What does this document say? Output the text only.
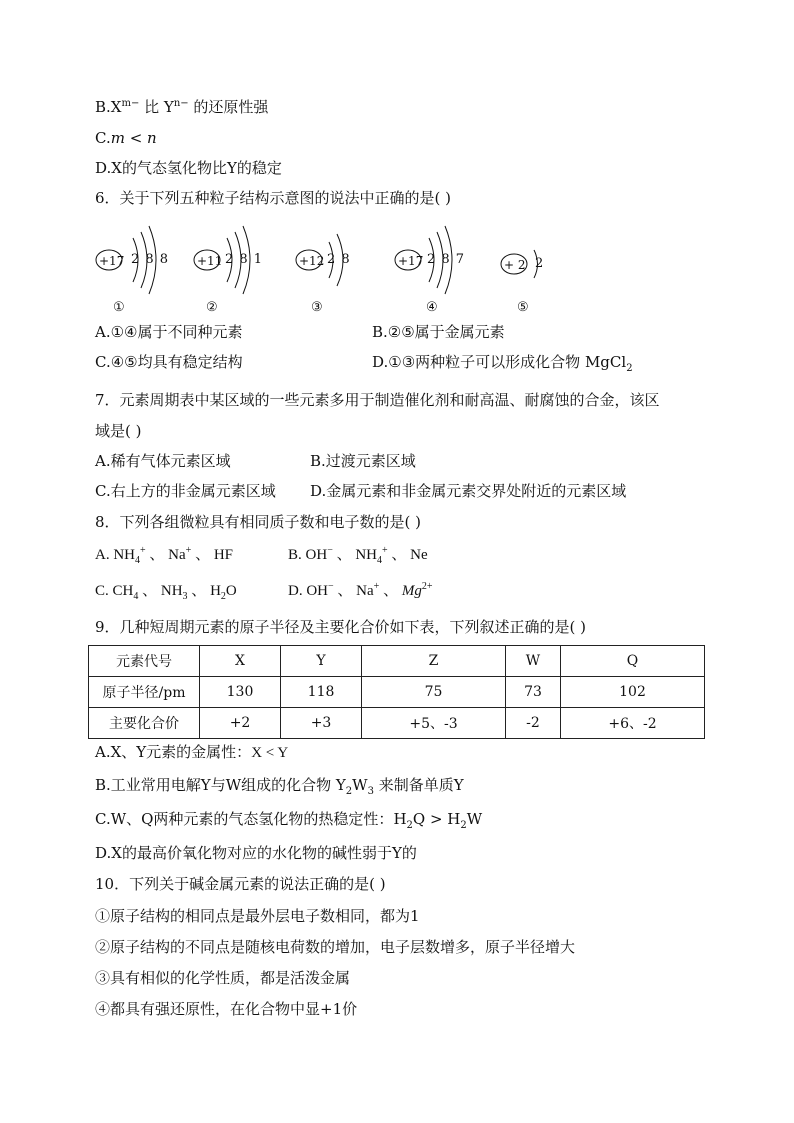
$B.X^{m-}$ 比 $Y^{n-}$ 的还原性强
C.m < n
D.X的气态氢化物比Y的稳定
6．关于下列五种粒子结构示意图的说法中正确的是( )
+17 2 8 8 +11 2 8 1	+12 2 8	+17 2 8 7	+ 2 2
①	②	③	④	⑤
A.①④属于不同种元素	B.②⑤属于金属元素
C.④⑤均具有稳定结构	D.①③两种粒子可以形成化合物 MgCl$_2$
7．元素周期表中某区域的一些元素多用于制造催化剂和耐高温、耐腐蚀的合金，该区
域是( )
A.稀有气体元素区域	B.过渡元素区域
C.右上方的非金属元素区域 D.金属元素和非金属元素交界处附近的元素区域
8．下列各组微粒具有相同质子数和电子数的是( )
A. $NH_4^+$ 、 Na+ 、 HF	B. OH− 、 $NH_4^+$ 、 Ne
C. $CH_4$ 、 $NH_3$ 、 $H_2O$	D. OH− 、 Na+ 、 $Mg^{2+}$
9．几种短周期元素的原子半径及主要化合价如下表，下列叙述正确的是( )
元素代号	X	Y	Z	W	Q
原子半径/pm	130	118	75	73	102
主要化合价	+2	+3	+5、-3	-2	+6、-2
A.X、Y元素的金属性：X < Y
B.工业常用电解Y与W组成的化合物 $Y_2W_3$ 来制备单质Y
C.W、Q两种元素的气态氢化物的热稳定性：$H_2Q > H_2W$
D.X的最高价氧化物对应的水化物的碱性弱于Y的
10．下列关于碱金属元素的说法正确的是( )
①原子结构的相同点是最外层电子数相同，都为1
②原子结构的不同点是随核电荷数的增加，电子层数增多，原子半径增大
③具有相似的化学性质，都是活泼金属
④都具有强还原性，在化合物中显+1价
